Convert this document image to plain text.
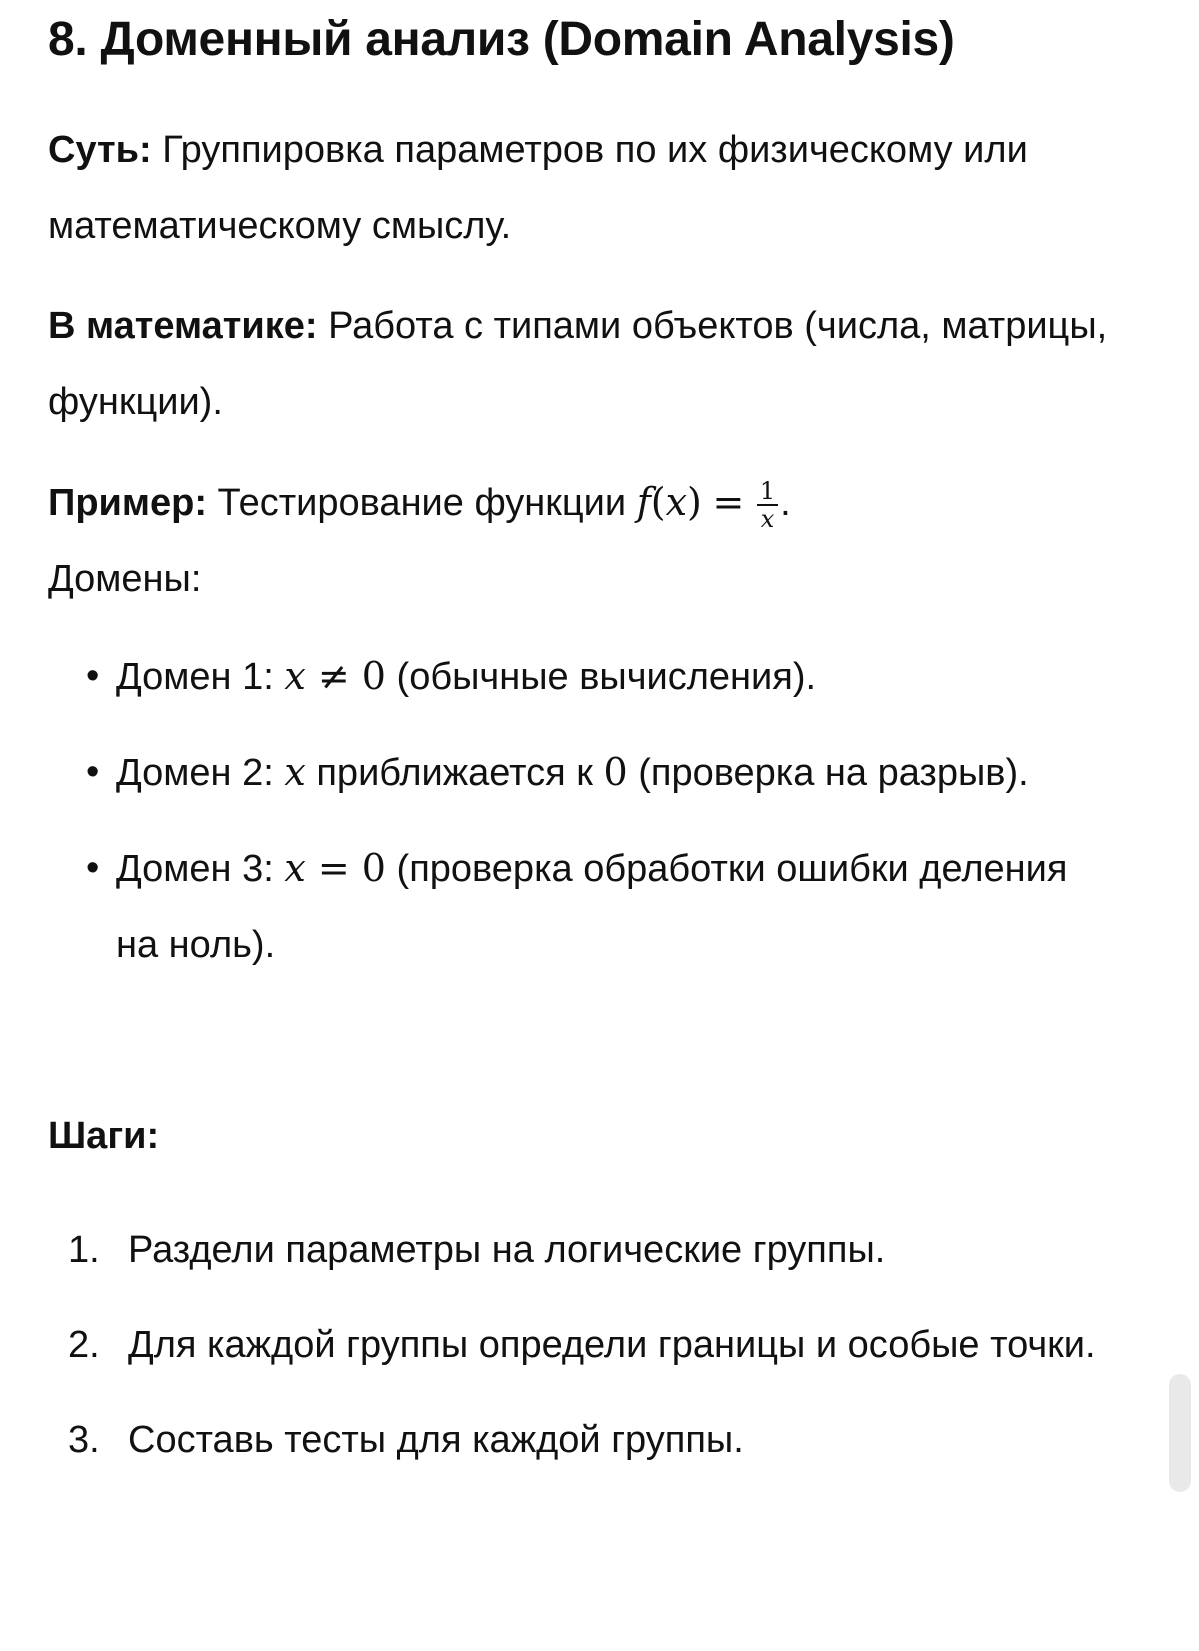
8. Доменный анализ (Domain Analysis)

Суть: Группировка параметров по их физическому или математическому смыслу.

В математике: Работа с типами объектов (числа, матрицы, функции).

Пример: Тестирование функции $f(x) = \frac{1}{x}$ .
Домены:

• Домен 1: x ≠ 0 (обычные вычисления).
• Домен 2: x приближается к 0 (проверка на разрыв).
• Домен 3: x = 0 (проверка обработки ошибки деления на ноль).

Шаги:

1. Раздели параметры на логические группы.
2. Для каждой группы определи границы и особые точки.
3. Составь тесты для каждой группы.
